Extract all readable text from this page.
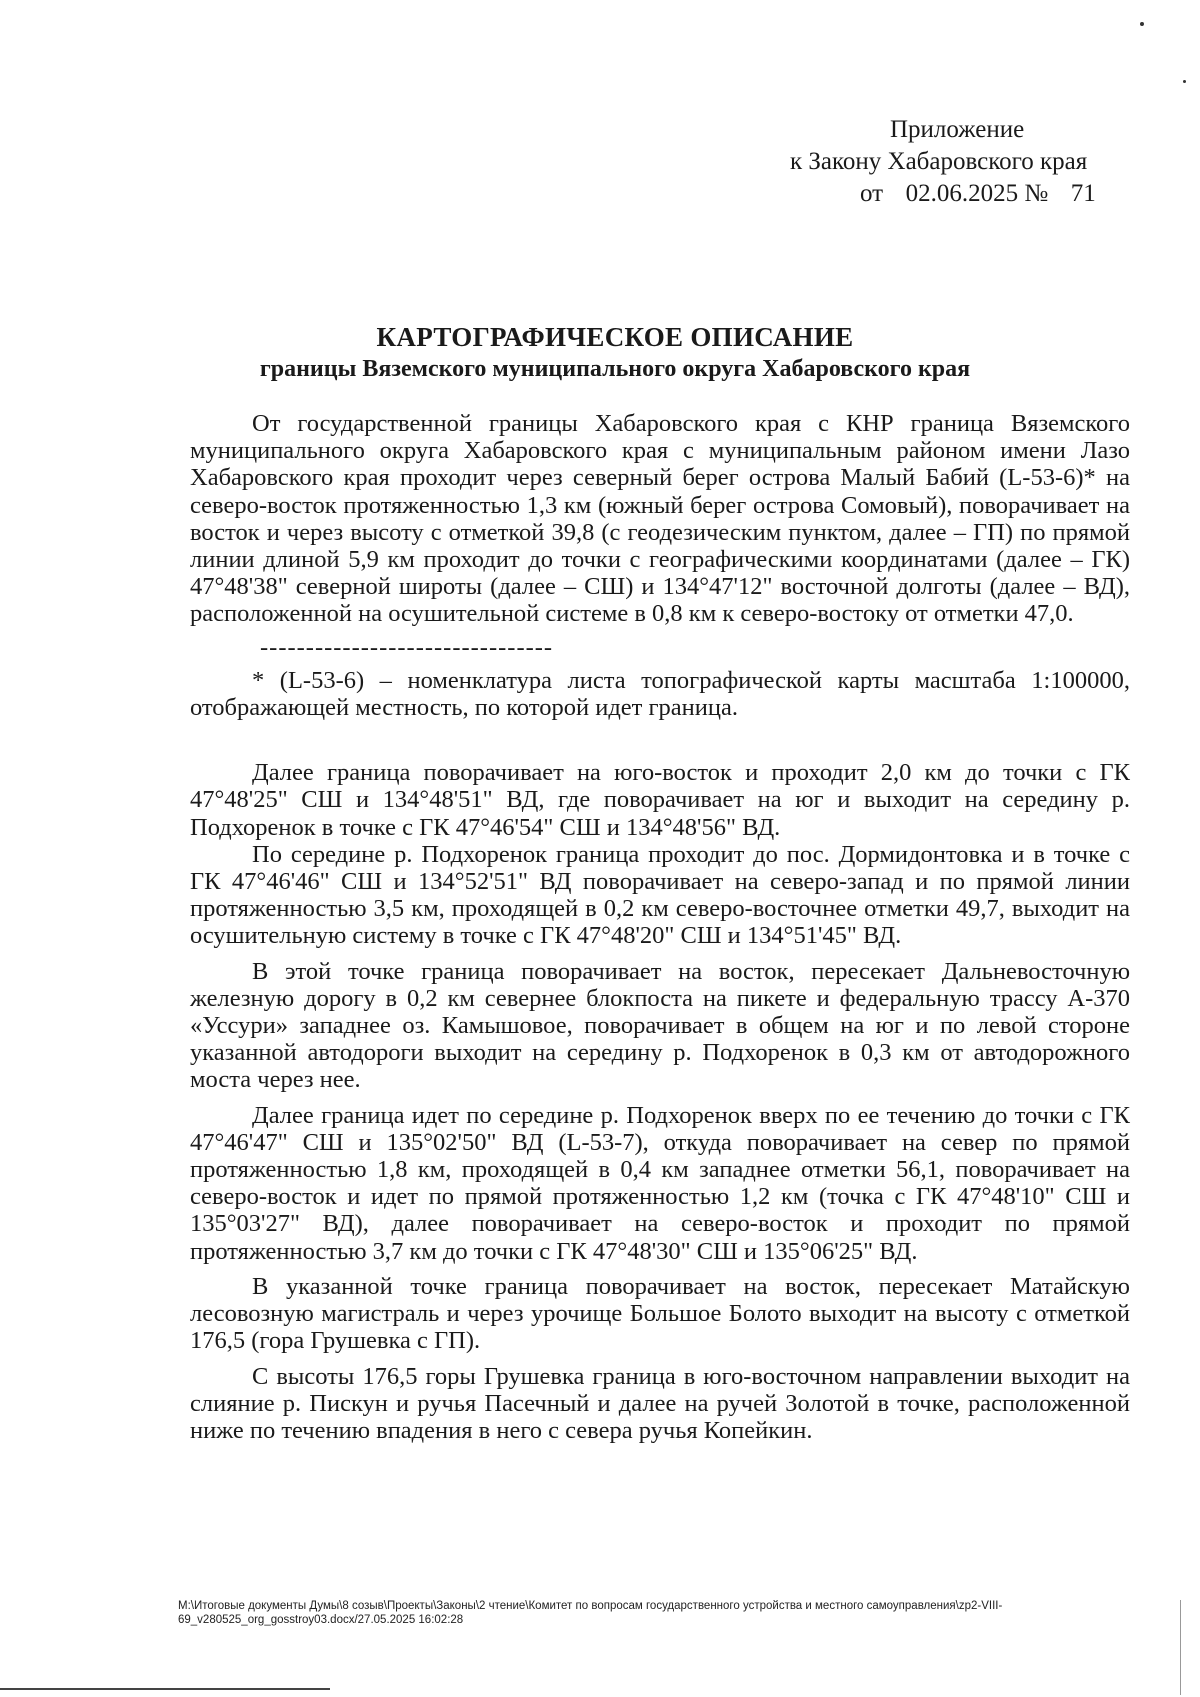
Приложение
к Закону Хабаровского края
от 02.06.2025 № 71
КАРТОГРАФИЧЕСКОЕ ОПИСАНИЕ
границы Вяземского муниципального округа Хабаровского края

От государственной границы Хабаровского края с КНР граница Вяземского муниципального округа Хабаровского края с муниципальным районом имени Лазо Хабаровского края проходит через северный берег острова Малый Бабий (L-53-6)* на северо-восток протяженностью 1,3 км (южный берег острова Сомовый), поворачивает на восток и через высоту с отметкой 39,8 (с геодезическим пунктом, далее – ГП) по прямой линии длиной 5,9 км проходит до точки с географическими координатами (далее – ГК) 47°48'38" северной широты (далее – СШ) и 134°47'12" восточной долготы (далее – ВД), расположенной на осушительной системе в 0,8 км к северо-востоку от отметки 47,0.

--------------------------------

* (L-53-6) – номенклатура листа топографической карты масштаба 1:100000, отображающей местность, по которой идет граница.

Далее граница поворачивает на юго-восток и проходит 2,0 км до точки с ГК 47°48'25" СШ и 134°48'51" ВД, где поворачивает на юг и выходит на середину р. Подхоренок в точке с ГК 47°46'54" СШ и 134°48'56" ВД.

По середине р. Подхоренок граница проходит до пос. Дормидонтовка и в точке с ГК 47°46'46" СШ и 134°52'51" ВД поворачивает на северо-запад и по прямой линии протяженностью 3,5 км, проходящей в 0,2 км северо-восточнее отметки 49,7, выходит на осушительную систему в точке с ГК 47°48'20" СШ и 134°51'45" ВД.

В этой точке граница поворачивает на восток, пересекает Дальневосточную железную дорогу в 0,2 км севернее блокпоста на пикете и федеральную трассу А-370 «Уссури» западнее оз. Камышовое, поворачивает в общем на юг и по левой стороне указанной автодороги выходит на середину р. Подхоренок в 0,3 км от автодорожного моста через нее.

Далее граница идет по середине р. Подхоренок вверх по ее течению до точки с ГК 47°46'47" СШ и 135°02'50" ВД (L-53-7), откуда поворачивает на север по прямой протяженностью 1,8 км, проходящей в 0,4 км западнее отметки 56,1, поворачивает на северо-восток и идет по прямой протяженностью 1,2 км (точка с ГК 47°48'10" СШ и 135°03'27" ВД), далее поворачивает на северо-восток и проходит по прямой протяженностью 3,7 км до точки с ГК 47°48'30" СШ и 135°06'25" ВД.

В указанной точке граница поворачивает на восток, пересекает Матайскую лесовозную магистраль и через урочище Большое Болото выходит на высоту с отметкой 176,5 (гора Грушевка с ГП).

С высоты 176,5 горы Грушевка граница в юго-восточном направлении выходит на слияние р. Пискун и ручья Пасечный и далее на ручей Золотой в точке, расположенной ниже по течению впадения в него с севера ручья Копейкин.

М:\Итоговые документы Думы\8 созыв\Проекты\Законы\2 чтение\Комитет по вопросам государственного устройства и местного самоуправления\zp2-VIII-69_v280525_org_gosstroy03.docx/27.05.2025 16:02:28
